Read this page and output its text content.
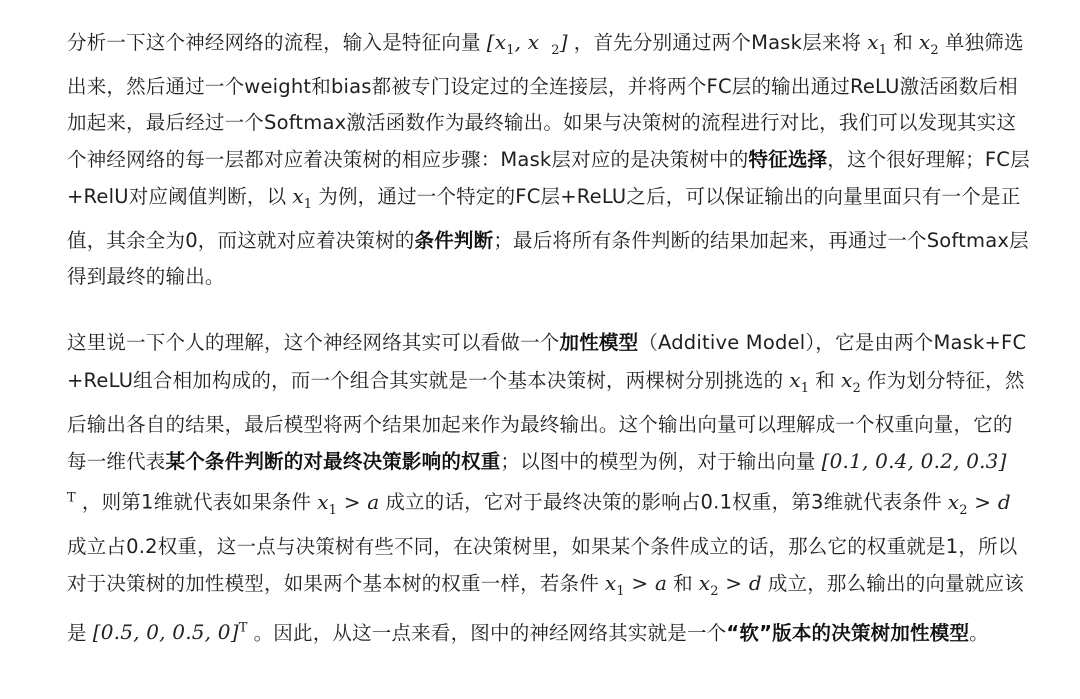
分析一下这个神经网络的流程，输入是特征向量 [$x_1$, x $_2$] ，首先分别通过两个Mask层来将 $x_1$ 和 $x_2$ 单独筛选出来，然后通过一个weight和bias都被专门设定过的全连接层，并将两个FC层的输出通过ReLU激活函数后相加起来，最后经过一个Softmax激活函数作为最终输出。如果与决策树的流程进行对比，我们可以发现其实这个神经网络的每一层都对应着决策树的相应步骤：Mask层对应的是决策树中的特征选择，这个很好理解；FC层+RelU对应阈值判断，以 $x_1$ 为例，通过一个特定的FC层+ReLU之后，可以保证输出的向量里面只有一个是正值，其余全为0，而这就对应着决策树的条件判断；最后将所有条件判断的结果加起来，再通过一个Softmax层得到最终的输出。

这里说一下个人的理解，这个神经网络其实可以看做一个加性模型（Additive Model），它是由两个Mask+FC+ReLU组合相加构成的，而一个组合其实就是一个基本决策树，两棵树分别挑选的 $x_1$ 和 $x_2$ 作为划分特征，然后输出各自的结果，最后模型将两个结果加起来作为最终输出。这个输出向量可以理解成一个权重向量，它的每一维代表某个条件判断的对最终决策影响的权重；以图中的模型为例，对于输出向量 [0.1, 0.4, 0.2, 0.3]$^T$ ，则第1维就代表如果条件 $x_1 > a$ 成立的话，它对于最终决策的影响占0.1权重，第3维就代表条件 $x_2 > d$成立占0.2权重，这一点与决策树有些不同，在决策树里，如果某个条件成立的话，那么它的权重就是1，所以对于决策树的加性模型，如果两个基本树的权重一样，若条件 $x_1 > a$ 和 $x_2 > d$ 成立，那么输出的向量就应该是 [0.5, 0, 0.5, 0]$^T$ 。因此，从这一点来看，图中的神经网络其实就是一个“软”版本的决策树加性模型。
